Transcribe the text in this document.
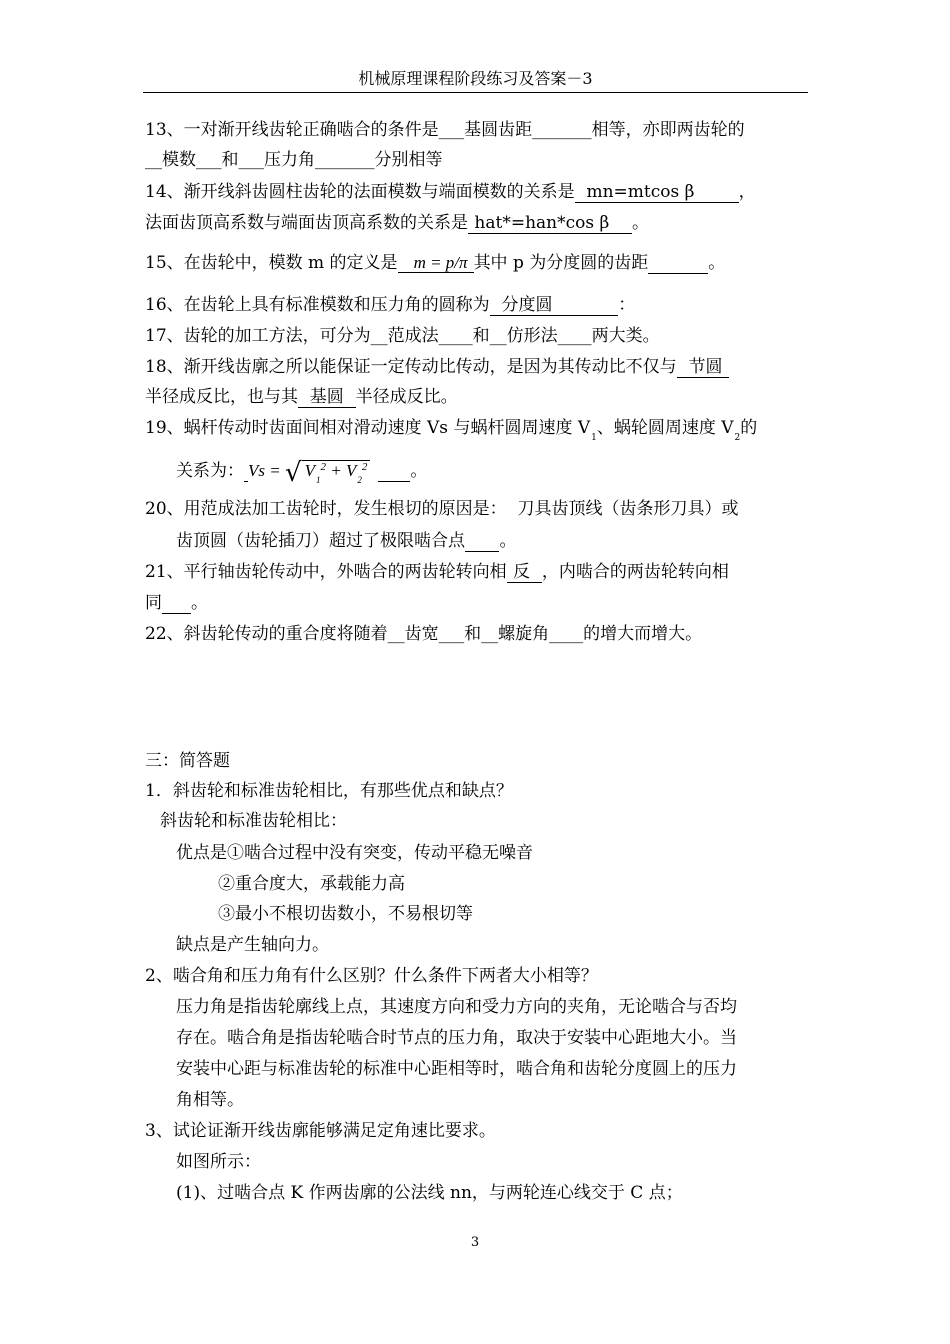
机械原理课程阶段练习及答案－3
13、一对渐开线齿轮正确啮合的条件是___基圆齿距_______相等，亦即两齿轮的
__模数___和___压力角_______分别相等
14、渐开线斜齿圆柱齿轮的法面模数与端面模数的关系是  mn=mtcos β        ，
法面齿顶高系数与端面齿顶高系数的关系是 hat*=han*cos β    。
15、在齿轮中，模数 m 的定义是 m = p/π 其中 p 为分度圆的齿距	。
16、在齿轮上具有标准模数和压力角的圆称为  分度圆            ：
17、齿轮的加工方法，可分为__范成法____和__仿形法____两大类。
18、渐开线齿廓之所以能保证一定传动比传动，是因为其传动比不仅与  节圆
半径成反比，也与其  基圆  半径成反比。
19、蜗杆传动时齿面间相对滑动速度 Vs 与蜗杆圆周速度 $V_1$、蜗轮圆周速度 $V_2$的
关系为： Vs = √ $V_1^2 + V_2^2$	。
20、用范成法加工齿轮时，发生根切的原因是：  刀具齿顶线（齿条形刀具）或
齿顶圆（齿轮插刀）超过了极限啮合点 。
21、平行轴齿轮传动中，外啮合的两齿轮转向相 反  ，内啮合的两齿轮转向相
同 。
22、斜齿轮传动的重合度将随着__齿宽___和__螺旋角____的增大而增大。
三：简答题
1．斜齿轮和标准齿轮相比，有那些优点和缺点？
斜齿轮和标准齿轮相比：
优点是①啮合过程中没有突变，传动平稳无噪音
②重合度大，承载能力高
③最小不根切齿数小，不易根切等
缺点是产生轴向力。
2、啮合角和压力角有什么区别？什么条件下两者大小相等？
压力角是指齿轮廓线上点，其速度方向和受力方向的夹角，无论啮合与否均
存在。啮合角是指齿轮啮合时节点的压力角，取决于安装中心距地大小。当
安装中心距与标准齿轮的标准中心距相等时，啮合角和齿轮分度圆上的压力
角相等。
3、试论证渐开线齿廓能够满足定角速比要求。
如图所示：
(1)、过啮合点 K 作两齿廓的公法线 nn，与两轮连心线交于 C 点；
3
